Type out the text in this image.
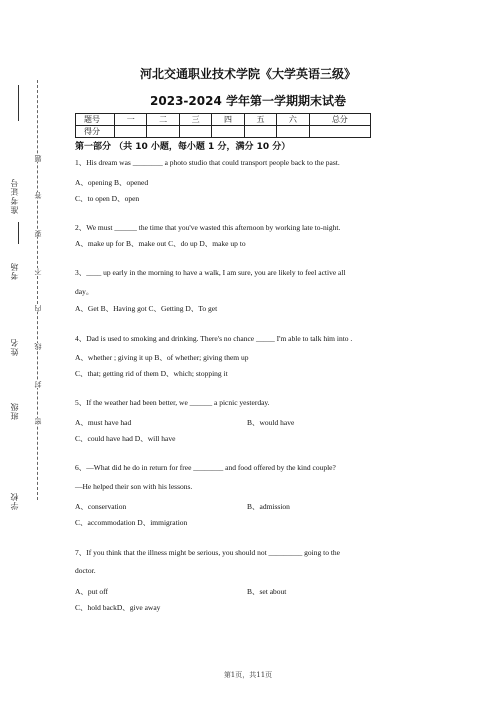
准考证号
考场
姓名
班级
学校
题
答
要
不
内
线
封
密
河北交通职业技术学院《大学英语三级》
2023-2024 学年第一学期期末试卷
题号	一	二	三	四	五	六	总分
得分							
第一部分 （共 10 小题，每小题 1 分，满分 10 分）
1、His dream was ________ a photo studio that could transport people back to the past.
A、opening B、opened
C、to open D、open
2、We must ______ the time that you've wasted this afternoon by working late to-night.
A、make up for B、make out C、do up D、make up to
3、____ up early in the morning to have a walk, I am sure, you are likely to feel active all
day。
A、Get B、Having got C、Getting D、To get
4、Dad is used to smoking and drinking. There's no chance _____ I'm able to talk him into .
A、whether ; giving it up B、of whether; giving them up
C、that; getting rid of them D、which; stopping it
5、If the weather had been better, we ______ a picnic yesterday.
A、must have had	B、would have
C、could have had D、will have
6、—What did he do in return for free ________ and food offered by the kind couple?
—He helped their son with his lessons.
A、conservation	B、admission
C、accommodation D、immigration
7、If you think that the illness might be serious, you should not _________ going to the
doctor.
A、put off	B、set about
C、hold backD、give away
第1页，共11页
